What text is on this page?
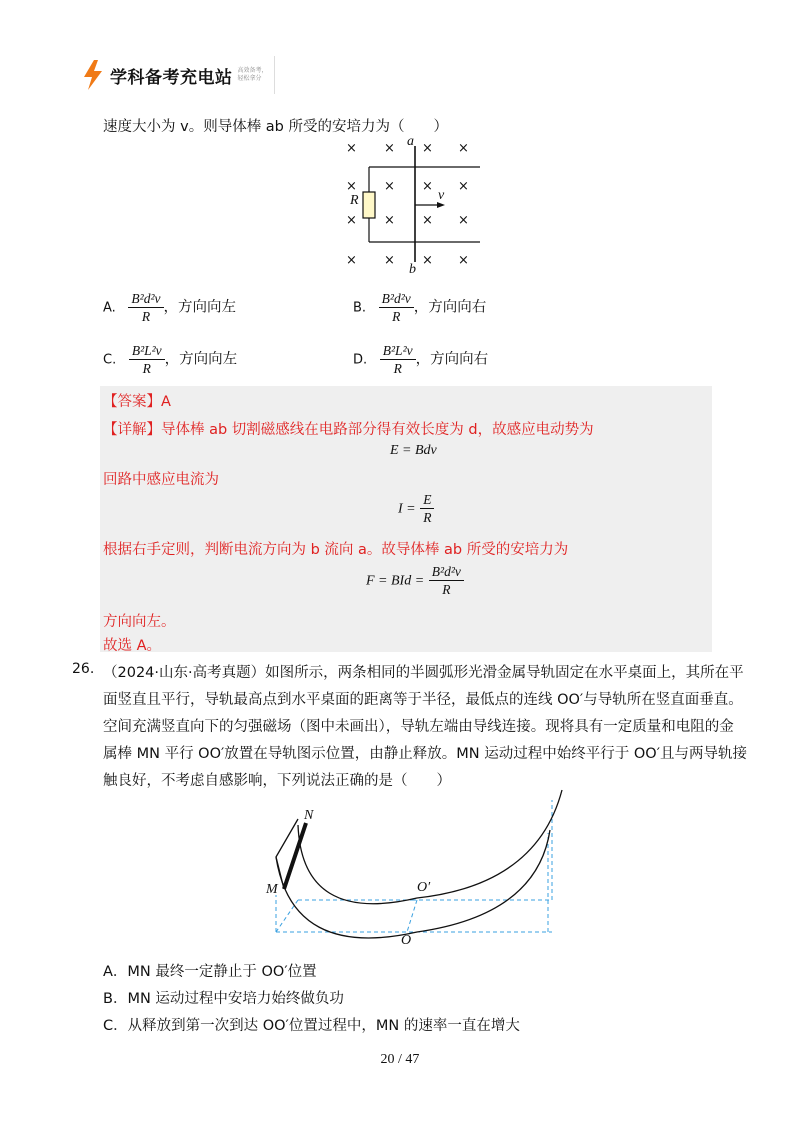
学科备考充电站 高效备考，轻松拿分
速度大小为 v。则导体棒 ab 所受的安培力为（　　）
a
b
R	v
× × × ×
× × × ×
× × × ×
× × × ×
A. $\frac{\text{B²d²v}}{R}$ ，方向向左	B. $\frac{\text{B²d²v}}{R}$ ，方向向右
C. $\frac{\text{B²L²v}}{R}$ ，方向向左	D. $\frac{\text{B²L²v}}{R}$ ，方向向右
【答案】A
【详解】导体棒 ab 切割磁感线在电路部分得有效长度为 d，故感应电动势为
E = Bdv
回路中感应电流为
$I = \frac{E}{R}$
根据右手定则，判断电流方向为 b 流向 a。故导体棒 ab 所受的安培力为
F = BId = $\frac{\text{B²d²v}}{R}$
方向向左。
故选 A。
26. （2024·山东·高考真题）如图所示，两条相同的半圆弧形光滑金属导轨固定在水平桌面上，其所在平
面竖直且平行，导轨最高点到水平桌面的距离等于半径，最低点的连线 OO′与导轨所在竖直面垂直。
空间充满竖直向下的匀强磁场（图中未画出），导轨左端由导线连接。现将具有一定质量和电阻的金
属棒 MN 平行 OO′放置在导轨图示位置，由静止释放。MN 运动过程中始终平行于 OO′且与两导轨接
触良好，不考虑自感影响，下列说法正确的是（　　）
N
M	O′
O
A．MN 最终一定静止于 OO′位置
B．MN 运动过程中安培力始终做负功
C．从释放到第一次到达 OO′位置过程中，MN 的速率一直在增大
20 / 47
